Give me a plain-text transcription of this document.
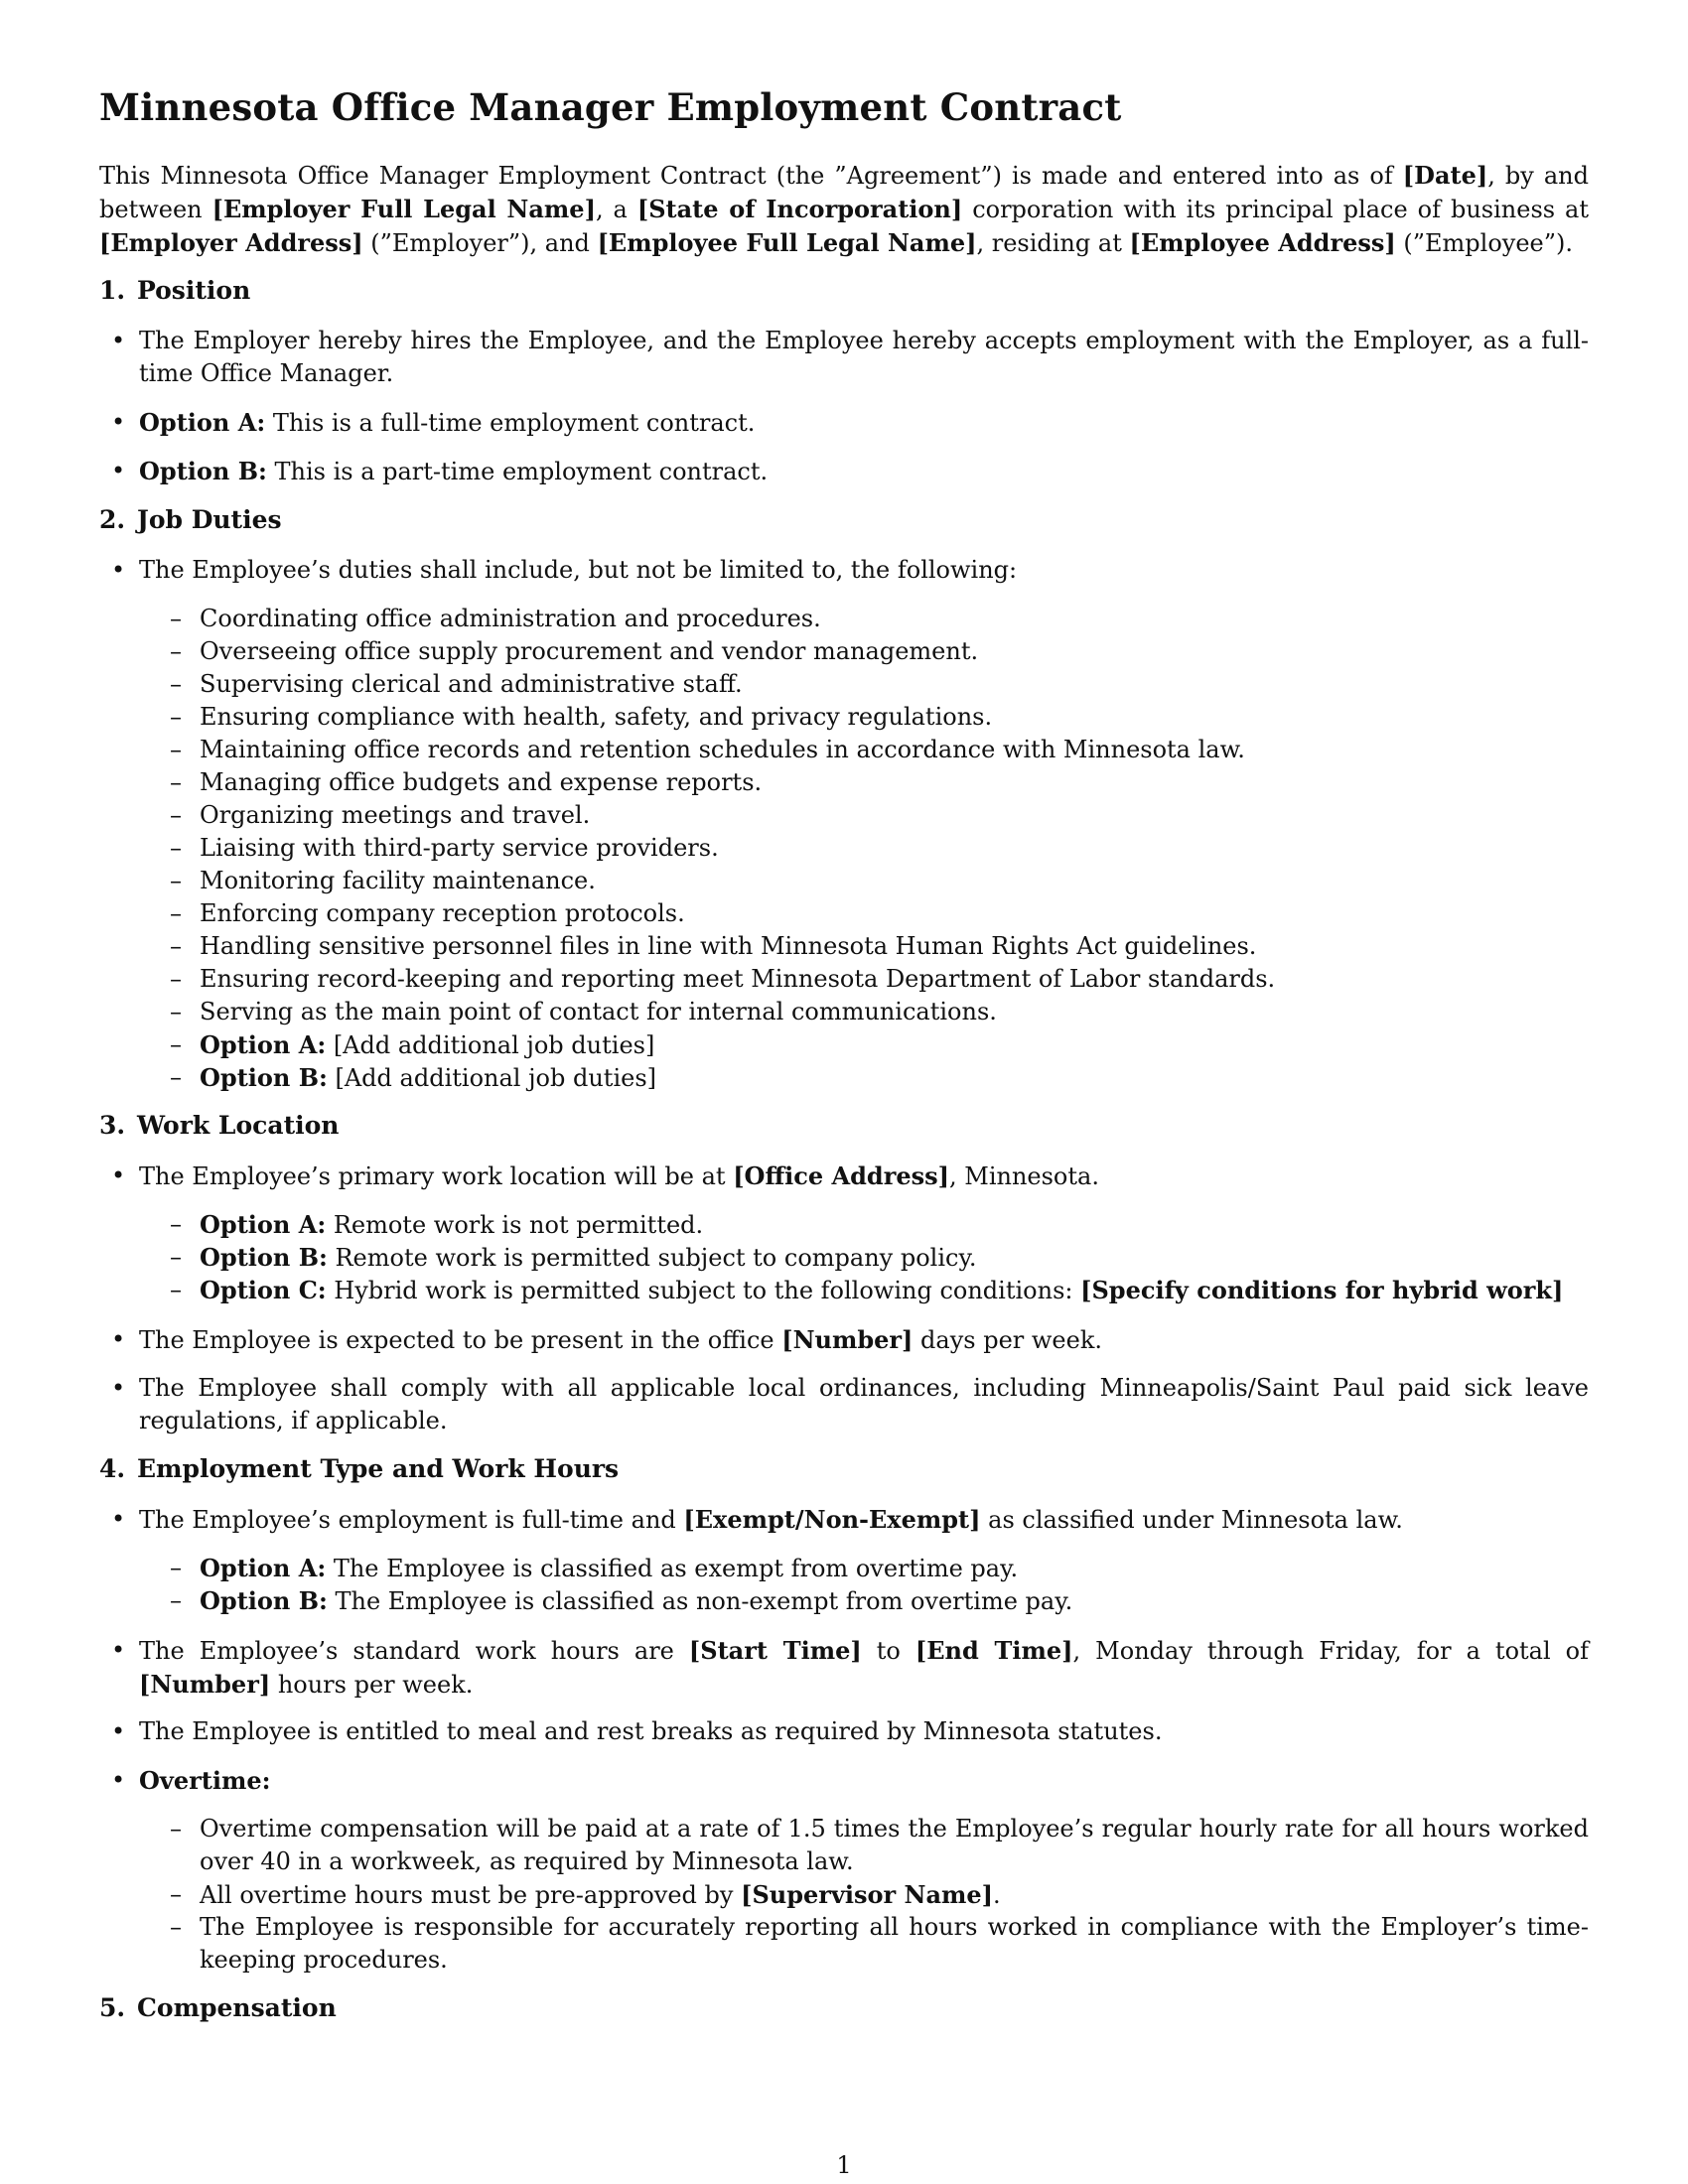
Minnesota Office Manager Employment Contract

This Minnesota Office Manager Employment Contract (the ”Agreement”) is made and entered into as of [Date], by and between [Employer Full Legal Name], a [State of Incorporation] corporation with its principal place of business at [Employer Address] (”Employer”), and [Employee Full Legal Name], residing at [Employee Address] (”Employee”).

1. Position

• The Employer hereby hires the Employee, and the Employee hereby accepts employment with the Employer, as a full-time Office Manager.

• Option A: This is a full-time employment contract.

• Option B: This is a part-time employment contract.

2. Job Duties

• The Employee’s duties shall include, but not be limited to, the following:

– Coordinating office administration and procedures.

– Overseeing office supply procurement and vendor management.

– Supervising clerical and administrative staff.

– Ensuring compliance with health, safety, and privacy regulations.

– Maintaining office records and retention schedules in accordance with Minnesota law.

– Managing office budgets and expense reports.

– Organizing meetings and travel.

– Liaising with third-party service providers.

– Monitoring facility maintenance.

– Enforcing company reception protocols.

– Handling sensitive personnel files in line with Minnesota Human Rights Act guidelines.

– Ensuring record-keeping and reporting meet Minnesota Department of Labor standards.

– Serving as the main point of contact for internal communications.

– Option A: [Add additional job duties]

– Option B: [Add additional job duties]

3. Work Location

• The Employee’s primary work location will be at [Office Address], Minnesota.

– Option A: Remote work is not permitted.

– Option B: Remote work is permitted subject to company policy.

– Option C: Hybrid work is permitted subject to the following conditions: [Specify conditions for hybrid work]

• The Employee is expected to be present in the office [Number] days per week.

• The Employee shall comply with all applicable local ordinances, including Minneapolis/Saint Paul paid sick leave regulations, if applicable.

4. Employment Type and Work Hours

• The Employee’s employment is full-time and [Exempt/Non-Exempt] as classified under Minnesota law.

– Option A: The Employee is classified as exempt from overtime pay.

– Option B: The Employee is classified as non-exempt from overtime pay.

• The Employee’s standard work hours are [Start Time] to [End Time], Monday through Friday, for a total of [Number] hours per week.

• The Employee is entitled to meal and rest breaks as required by Minnesota statutes.

• Overtime:

– Overtime compensation will be paid at a rate of 1.5 times the Employee’s regular hourly rate for all hours worked over 40 in a workweek, as required by Minnesota law.

– All overtime hours must be pre-approved by [Supervisor Name].

– The Employee is responsible for accurately reporting all hours worked in compliance with the Employer’s time-keeping procedures.

5. Compensation
1
